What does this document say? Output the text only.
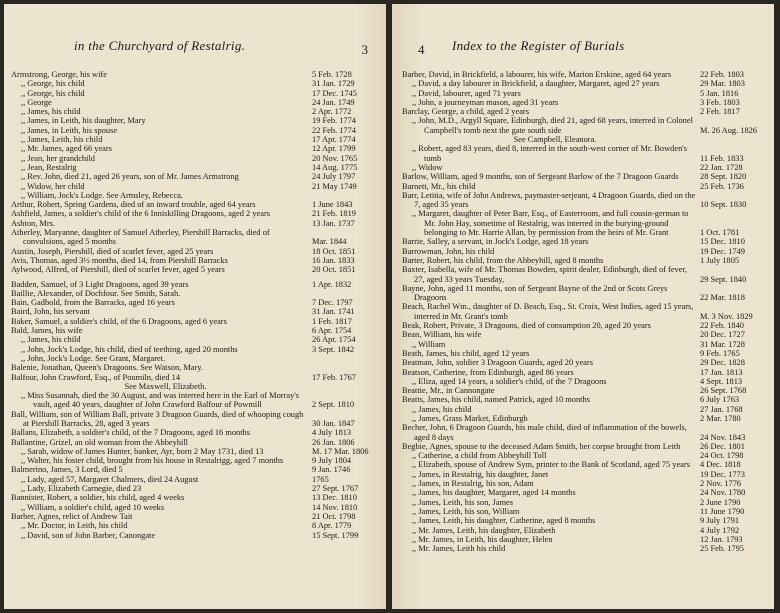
in the Churchyard of Restalrig.	3
Armstrong, George, his wife	5 Feb. 1728
,, George, his child	31 Jan. 1729
,, George, his child	17 Dec. 1745
,, George	24 Jan. 1749
,, James, his child	2 Apr. 1772
,, James, in Leith, his daughter, Mary	19 Feb. 1774
,, James, in Leith, his spouse	22 Feb. 1774
,, James, Leith, his child	17 Apr. 1774
,, Mr. James, aged 66 years	12 Apr. 1799
,, Jean, her grandchild	20 Nov. 1765
,, Jean, Restalrig	14 Aug. 1775
,, Rev. John, died 21, aged 26 years, son of Mr. James Armstrong	24 July 1797
,, Widow, her child	21 May 1749
,, William, Jock's Lodge. See Armsley, Rebecca.
Arthur, Robert, Spring Gardens, died of an inward trouble, aged 64 years	1 June 1843
Ashfield, James, a soldier's child of the 6 Inniskilling Dragoons, aged 2 years	21 Feb. 1819
Ashton, Mrs.	13 Jan. 1737
Atherley, Maryanne, daughter of Samuel Atherley, Piershill Barracks, died of convulsions, aged 5 months	Mar. 1844
Austin, Joseph, Piershill, died of scarlet fever, aged 25 years	18 Oct. 1851
Avis, Thomas, aged 3½ months, died 14, from Piershill Barracks	16 Jan. 1833
Aylwood, Alfred, of Piershill, died of scarlet fever, aged 5 years	20 Oct. 1851
Badden, Samuel, of 3 Light Dragoons, aged 39 years	1 Apr. 1832
Baillie, Alexander, of Dochfour. See Smith, Sarah.
Bain, Gadbold, from the Barracks, aged 16 years	7 Dec. 1797
Baird, John, his servant	31 Jan. 1741
Baker, Samuel, a soldier's child, of the 6 Dragoons, aged 6 years	1 Feb. 1817
Bald, James, his wife	6 Apr. 1754
,, James, his child	26 Apr. 1754
,, John, Jock's Lodge, his child, died of teething, aged 20 months	3 Sept. 1842
,, John, Jock's Lodge. See Grant, Margaret.
Balenie, Jonathan, Queen's Dragoons. See Watson, Mary.
Balfour, John Crawford, Esq., of Poumiln, died 14	17 Feb. 1767
See Maxwell, Elizabeth.
,, Miss Susannah, died the 30 August, and was interred here in the Earl of Morray's vault, aged 40 years, daughter of John Crawford Balfour of Powmill	2 Sept. 1810
Ball, William, son of William Ball, private 3 Dragoon Guards, died of whooping cough at Piershill Barracks, 28, aged 3 years	30 Jan. 1847
Ballans, Elizabeth, a soldier's child, of the 7 Dragoons, aged 16 months	4 July 1813
Ballantine, Grizel, an old woman from the Abbeyhill	26 Jan. 1806
,, Sarah, widow of James Hunter, banker, Ayr, born 2 May 1731, died 13	M. 17 Mar. 1806
,, Walter, his foster child, brought from his house in Restalrigg, aged 7 months	9 July 1804
Balmerino, James, 3 Lord, died 5	9 Jan. 1746
,, Lady, aged 57, Margaret Chalmers, died 24 August	1765
,, Lady, Elizabeth Carnegie, died 23	27 Sept. 1767
Bannister, Robert, a soldier, his child, aged 4 weeks	13 Dec. 1810
,, William, a soldier's child, aged 10 weeks	14 Nov. 1810
Barber, Agnes, relict of Andrew Tait	21 Oct. 1798
,, Mr. Doctor, in Leith, his child	8 Apr. 1779
,, David, son of John Barber, Canongate	15 Sept. 1799
4 Index to the Register of Burials
Barber, David, in Brickfield, a labourer, his wife, Marion Erskine, aged 64 years	22 Feb. 1803
,, David, a day labourer in Brickfield, a daughter, Margaret, aged 27 years	29 Mar. 1803
,, David, labourer, aged 71 years	5 Jan. 1816
,, John, a journeyman mason, aged 31 years	3 Feb. 1803
Barclay, George, a child, aged 2 years	2 Feb. 1817
,, John, M.D., Argyll Square, Edinburgh, died 21, aged 68 years, interred in Colonel Campbell's tomb next the gate south side	M. 26 Aug. 1826
See Campbell, Eleanora.
,, Robert, aged 83 years, died 8, interred in the south-west corner of Mr. Bowden's tomb	11 Feb. 1833
,, Widow	22 Jan. 1728
Barlow, William, aged 9 months, son of Sergeant Barlow of the 7 Dragoon Guards	28 Sept. 1820
Barnett, Mr., his child	25 Feb. 1736
Barr, Letitia, wife of John Andrews, paymaster-serjeant, 4 Dragoon Guards, died on the 7, aged 35 years	10 Sept. 1830
,, Margaret, daughter of Peter Barr, Esq., of Easterroom, and full cousin-german to Mr. John Hay, sometime of Restalrig, was interred in the burying-ground belonging to Mr. Harrie Allan, by permission from the heirs of Mr. Grant	1 Oct. 1781
Barrie, Salley, a servant, in Jock's Lodge, aged 18 years	15 Dec. 1810
Barrowman, John, his child	19 Dec. 1749
Barter, Robert, his child, from the Abbeyhill, aged 8 months	1 July 1805
Baxter, Isabella, wife of Mr. Thomas Bowden, spirit dealer, Edinburgh, died of fever, 27, aged 33 years Tuesday,	29 Sept. 1840
Bayne, John, aged 11 months, son of Sergeant Bayne of the 2nd or Scots Greys Dragoons	22 Mar. 1818
Beach, Rachel Wm., daughter of D. Beach, Esq., St. Croix, West Indies, aged 15 years, interred in Mr. Grant's tomb	M. 3 Nov. 1829
Beak, Robert, Private, 3 Dragoons, died of consumption 20, aged 20 years	22 Feb. 1840
Bean, William, his wife	20 Dec. 1727
,, William	31 Mar. 1728
Beath, James, his child, aged 12 years	9 Feb. 1765
Beatman, John, soldier 3 Dragoon Guards, aged 20 years	29 Dec. 1828
Beatson, Catherine, from Edinburgh, aged 86 years	17 Jan. 1813
,, Eliza, aged 14 years, a soldier's child, of the 7 Dragoons	4 Sept. 1813
Beattie, Mr., in Cannongate	26 Sept. 1768
Beatts, James, his child, named Patrick, aged 10 months	6 July 1763
,, James, his child	27 Jan. 1768
,, James, Grass Market, Edinburgh	2 Mar. 1780
Becher, John, 6 Dragoon Guards, his male child, died of inflammation of the bowels, aged 8 days	24 Nov. 1843
Begbie, Agnes, spouse to the deceased Adam Smith, her corpse brought from Leith 26 Dec. 1801
,, Catherine, a child from Abbeyhill Toll	24 Oct. 1798
,, Elizabeth, spouse of Andrew Sym, printer to the Bank of Scotland, aged 75 years 4 Dec. 1818
,, James, in Restalrig, his daughter, Janet	19 Dec. 1773
,, James, in Restalrig, his son, Adam	2 Nov. 1776
,, James, his daughter, Margaret, aged 14 months	24 Nov. 1780
,, James, Leith, his son, James	2 June 1790
,, James, Leith, his son, William	11 June 1790
,, James, Leith, his daughter, Catherine, aged 8 months	9 July 1791
,, Mr. James, Leith, his daughter, Elizabeth	4 July 1792
,, Mr. James, in Leith, his daughter, Helen	12 Jan. 1793
,, Mr. James, Leith his child	25 Feb. 1795
